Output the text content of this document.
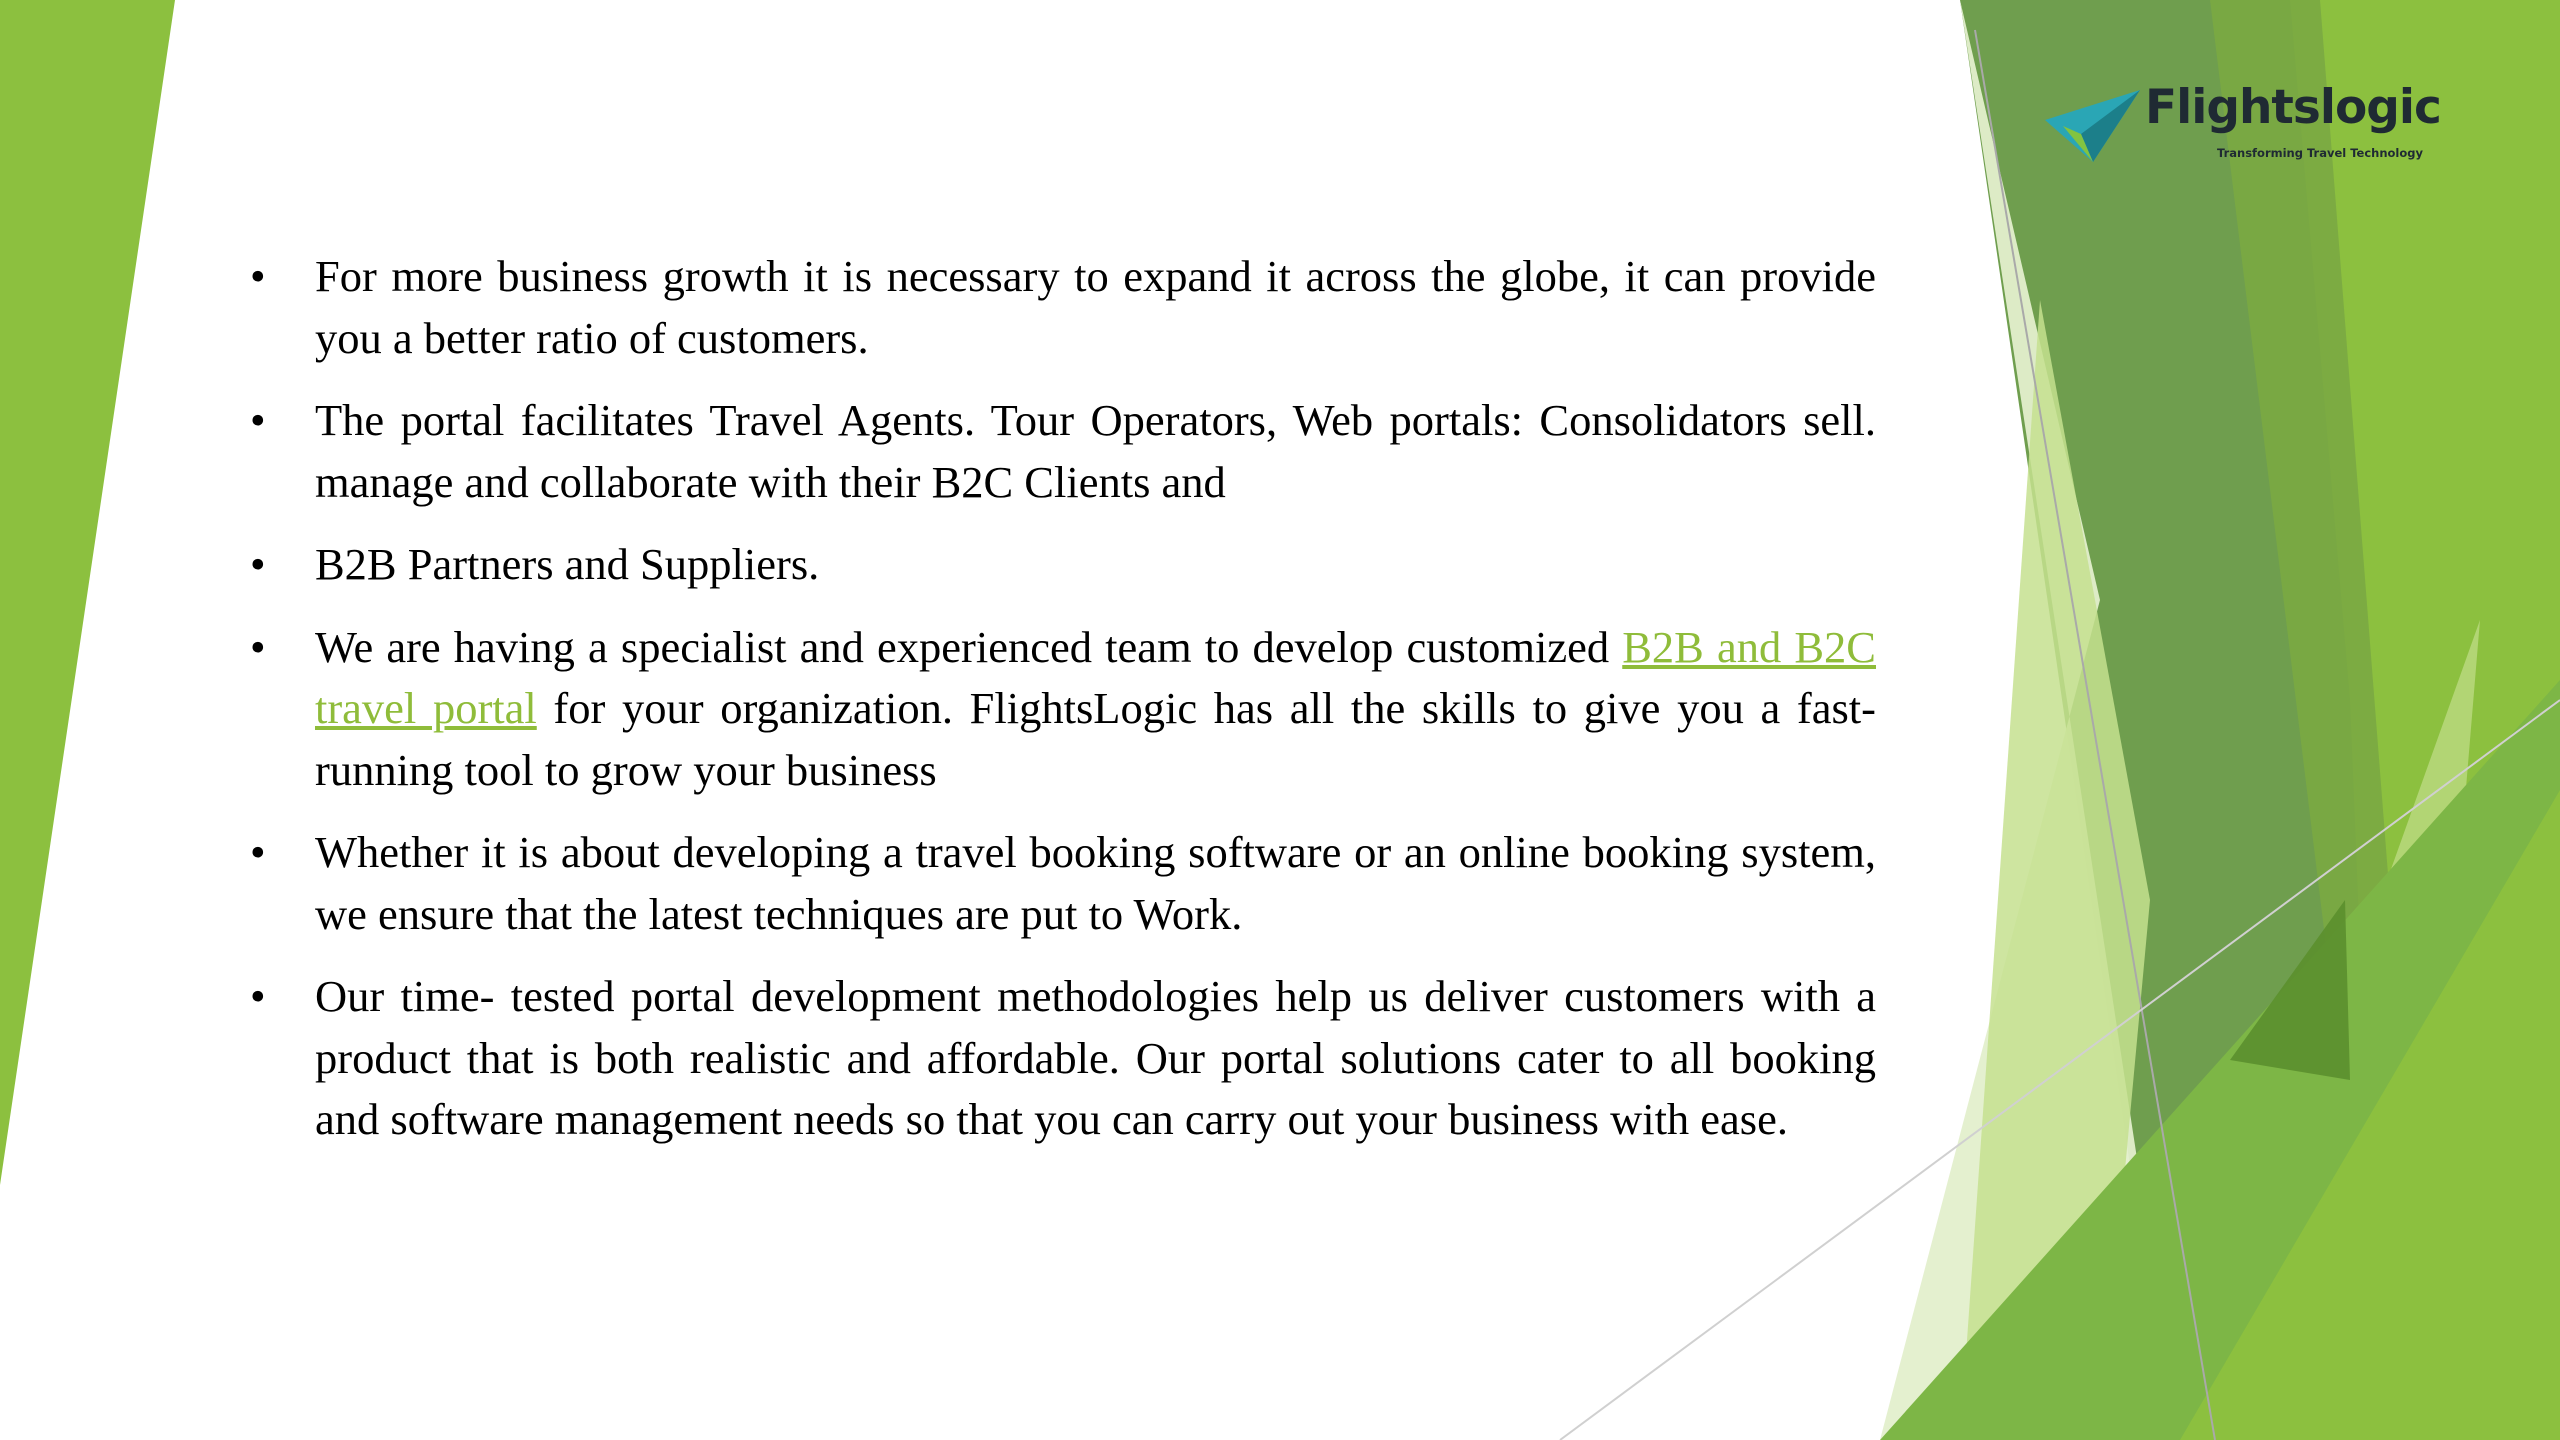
Flightslogic
Transforming Travel Technology
• For more business growth it is necessary to expand it across the globe, it can provide you a better ratio of customers.
• The portal facilitates Travel Agents. Tour Operators, Web portals: Consolidators sell. manage and collaborate with their B2C Clients and
• B2B Partners and Suppliers.
• We are having a specialist and experienced team to develop customized B2B and B2C travel portal for your organization. FlightsLogic has all the skills to give you a fast-running tool to grow your business
• Whether it is about developing a travel booking software or an online booking system, we ensure that the latest techniques are put to Work.
• Our time- tested portal development methodologies help us deliver customers with a product that is both realistic and affordable. Our portal solutions cater to all booking and software management needs so that you can carry out your business with ease.
